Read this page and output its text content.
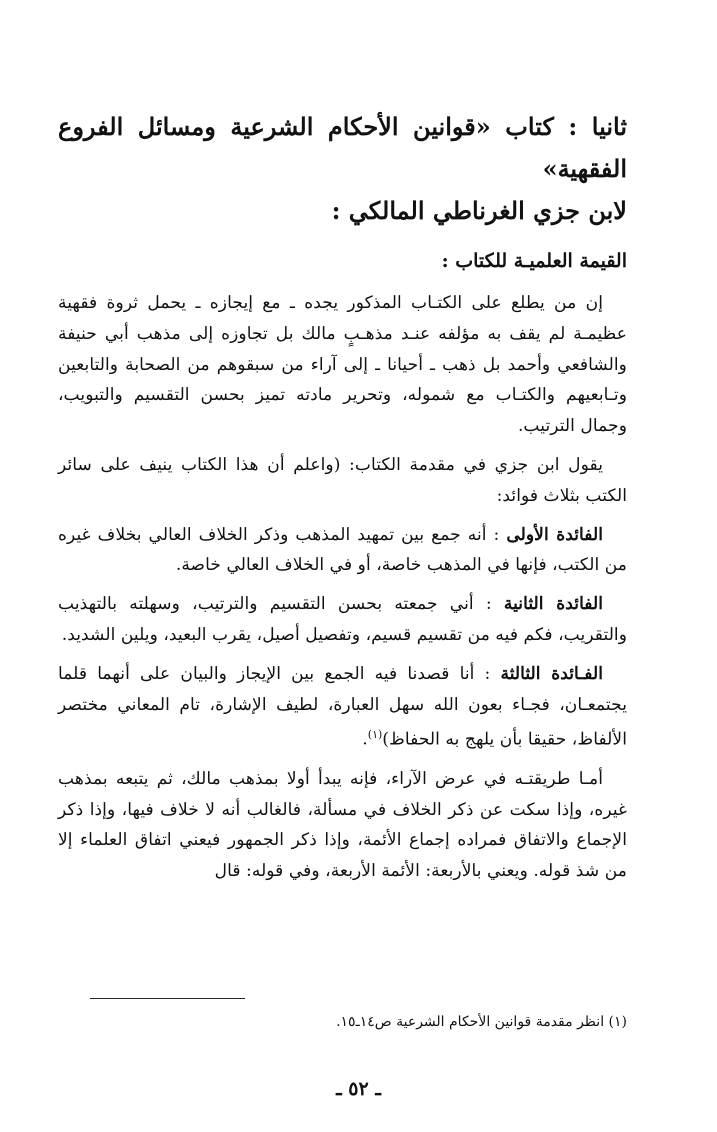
ثانيا : كتاب «قوانين الأحكام الشرعية ومسائل الفروع الفقهية»
لابن جزي الغرناطي المالكي :
القيمة العلميـة للكتاب :

إن من يطلع على الكتـاب المذكور يجده ـ مع إيجازه ـ يحمل ثروة فقهية عظيمـة لم يقف به مؤلفه عنـد مذهـبٍ مالك بل تجاوزه إلى مذهب أبي حنيفة والشافعي وأحمد بل ذهب ـ أحيانا ـ إلى آراء من سبقوهم من الصحابة والتابعين وتـابعيهم والكتـاب مع شموله، وتحرير مادته تميز بحسن التقسيم والتبويب، وجمال الترتيب.

يقول ابن جزي في مقدمة الكتاب: (واعلم أن هذا الكتاب ينيف على سائر الكتب بثلاث فوائد:

الفائدة الأولى : أنه جمع بين تمهيد المذهب وذكر الخلاف العالي بخلاف غيره من الكتب، فإنها في المذهب خاصة، أو في الخلاف العالي خاصة.

الفائدة الثانية : أني جمعته بحسن التقسيم والترتيب، وسهلته بالتهذيب والتقريب، فكم فيه من تقسيم قسيم، وتفصيل أصيل، يقرب البعيد، ويلين الشديد.

الفـائدة الثالثة : أنا قصدنا فيه الجمع بين الإيجاز والبيان على أنهما قلما يجتمعـان، فجـاء بعون الله سهل العبارة، لطيف الإشارة، تام المعاني مختصر الألفاظ، حقيقا بأن يلهج به الحفاظ)$^{(١)}$.

أمـا طريقتـه في عرض الآراء، فإنه يبدأ أولا بمذهب مالك، ثم يتبعه بمذهب غيره، وإذا سكت عن ذكر الخلاف في مسألة، فالغالب أنه لا خلاف فيها، وإذا ذكر الإجماع والاتفاق فمراده إجماع الأئمة، وإذا ذكر الجمهور فيعني اتفاق العلماء إلا من شذ قوله. ويعني بالأربعة: الأئمة الأربعة، وفي قوله: قال

(١) انظر مقدمة قوانين الأحكام الشرعية ص١٤ـ١٥.
ـ ٥٢ ـ
